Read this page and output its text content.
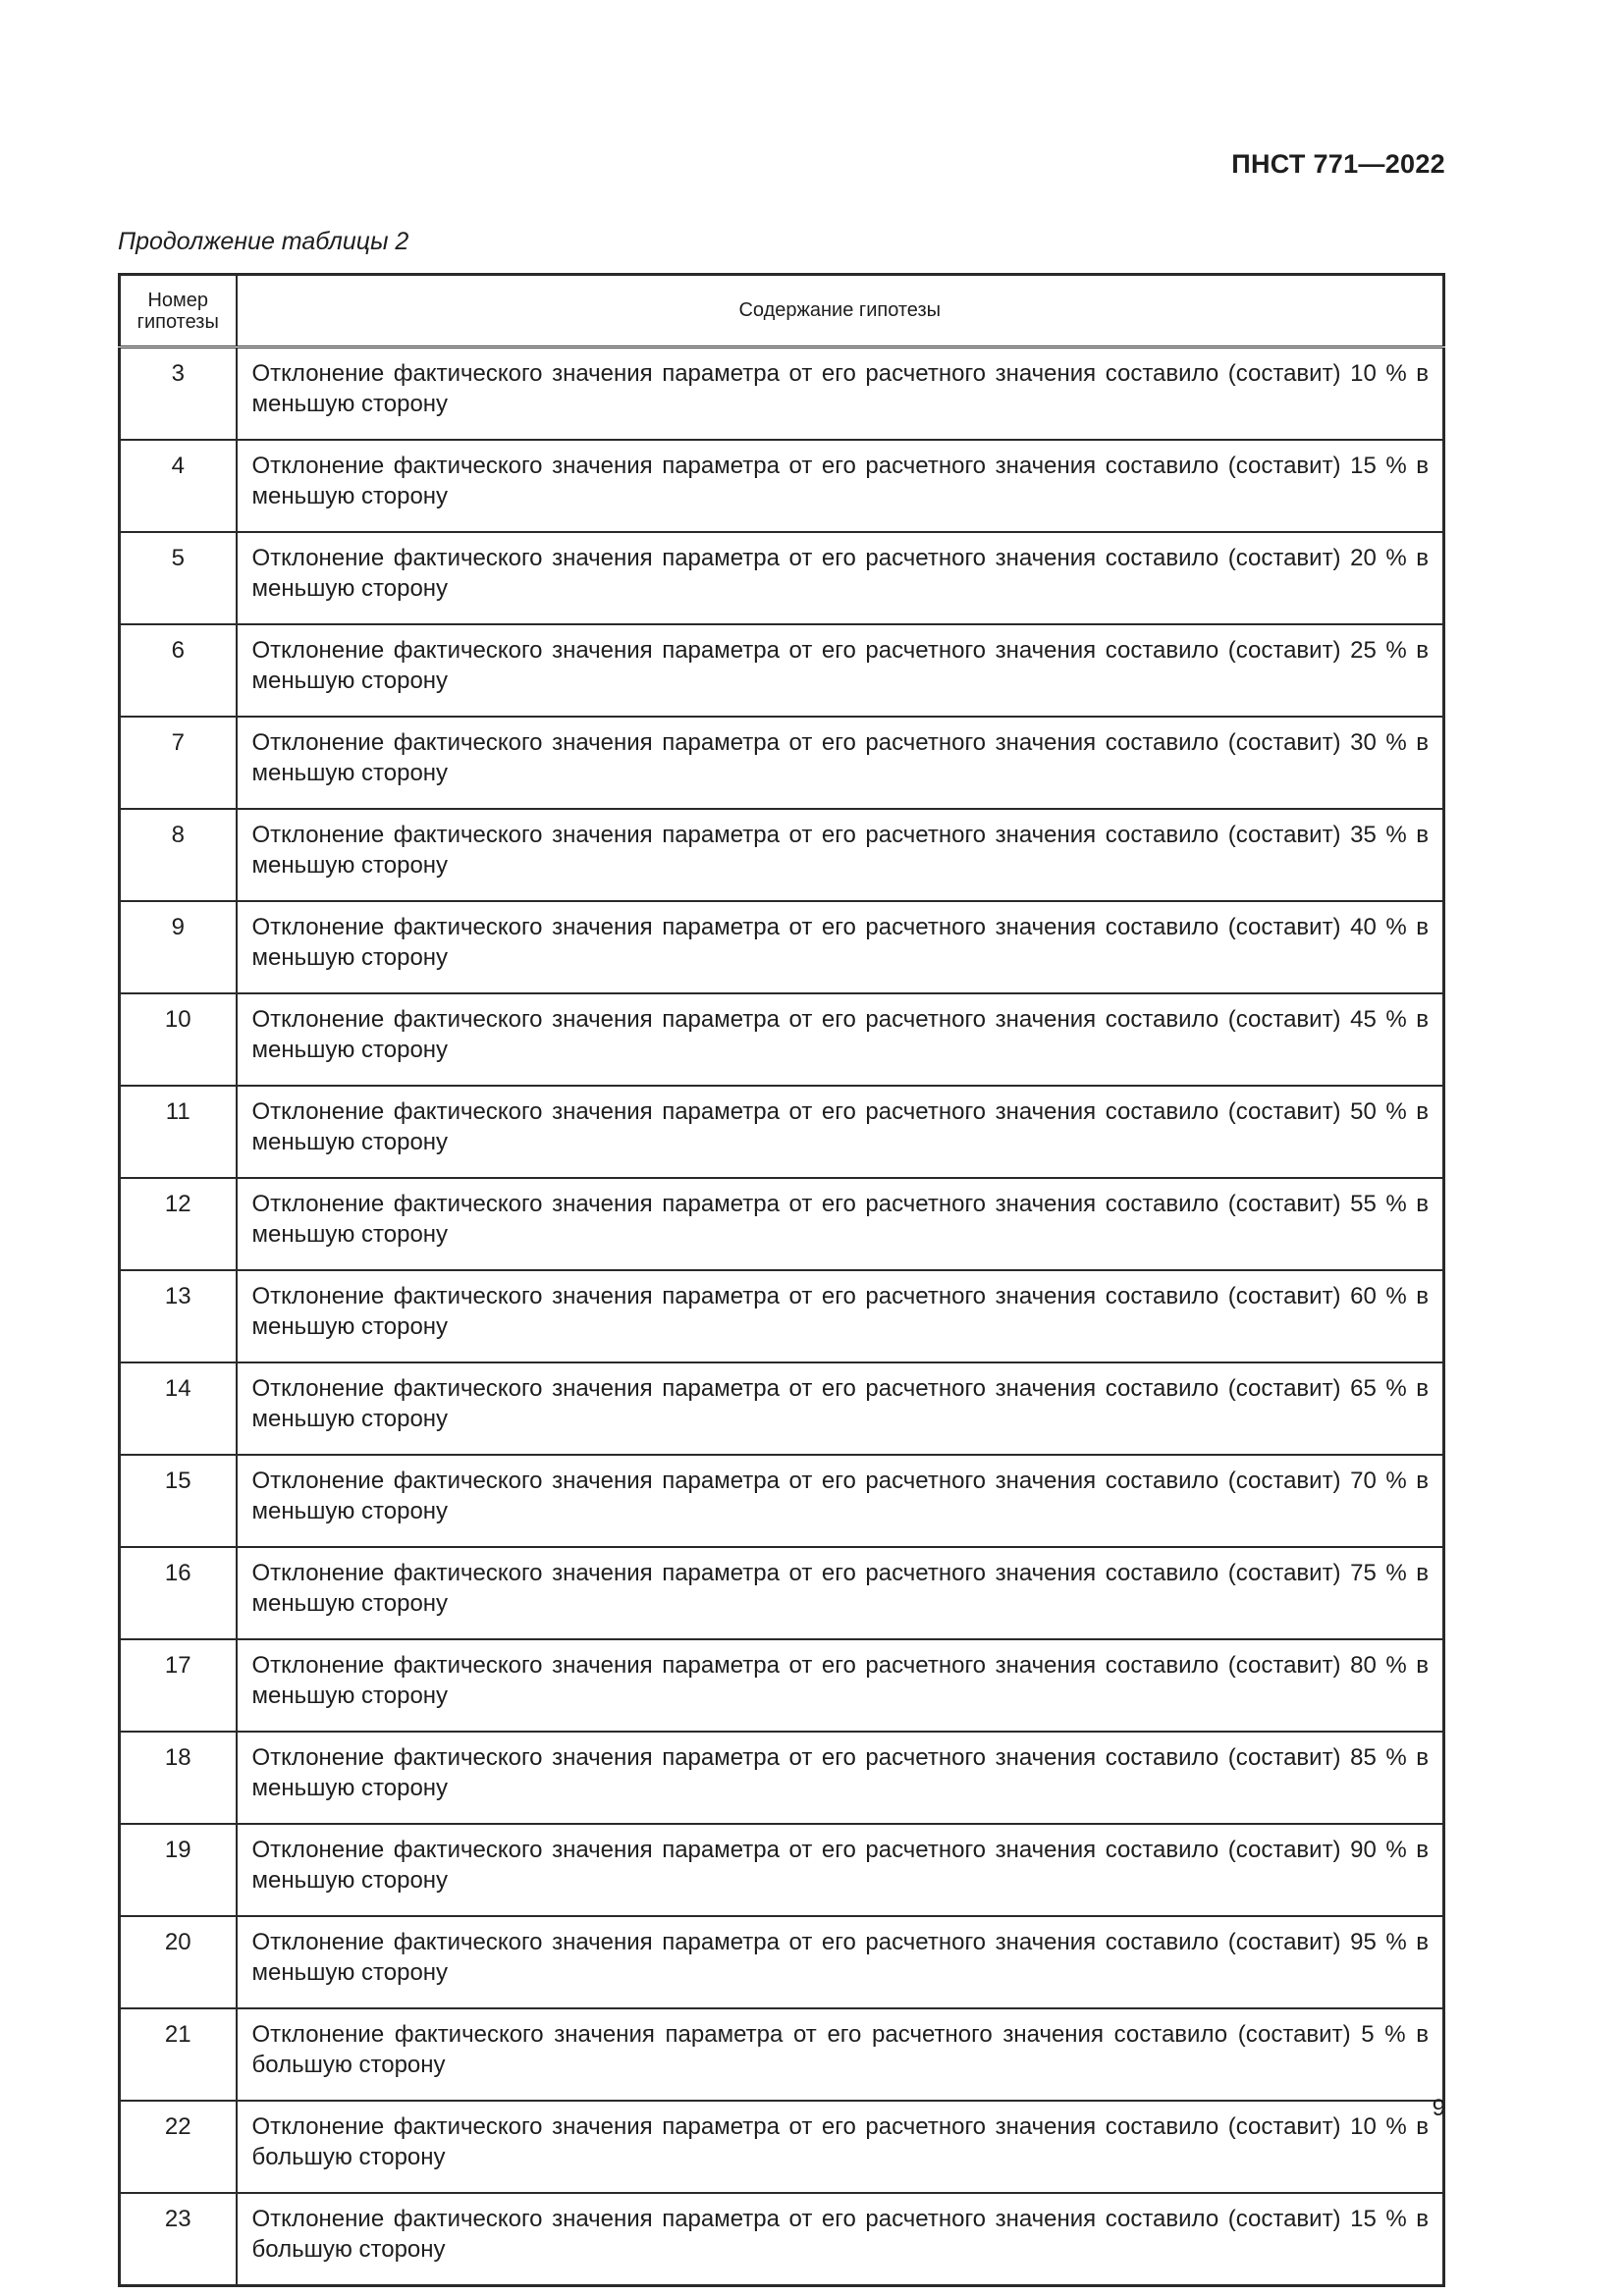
ПНСТ 771—2022
Продолжение таблицы 2
Номер гипотезы	Содержание гипотезы
3	Отклонение фактического значения параметра от его расчетного значения составило (составит) 10 % в меньшую сторону
4	Отклонение фактического значения параметра от его расчетного значения составило (составит) 15 % в меньшую сторону
5	Отклонение фактического значения параметра от его расчетного значения составило (составит) 20 % в меньшую сторону
6	Отклонение фактического значения параметра от его расчетного значения составило (составит) 25 % в меньшую сторону
7	Отклонение фактического значения параметра от его расчетного значения составило (составит) 30 % в меньшую сторону
8	Отклонение фактического значения параметра от его расчетного значения составило (составит) 35 % в меньшую сторону
9	Отклонение фактического значения параметра от его расчетного значения составило (составит) 40 % в меньшую сторону
10	Отклонение фактического значения параметра от его расчетного значения составило (составит) 45 % в меньшую сторону
11	Отклонение фактического значения параметра от его расчетного значения составило (составит) 50 % в меньшую сторону
12	Отклонение фактического значения параметра от его расчетного значения составило (составит) 55 % в меньшую сторону
13	Отклонение фактического значения параметра от его расчетного значения составило (составит) 60 % в меньшую сторону
14	Отклонение фактического значения параметра от его расчетного значения составило (составит) 65 % в меньшую сторону
15	Отклонение фактического значения параметра от его расчетного значения составило (составит) 70 % в меньшую сторону
16	Отклонение фактического значения параметра от его расчетного значения составило (составит) 75 % в меньшую сторону
17	Отклонение фактического значения параметра от его расчетного значения составило (составит) 80 % в меньшую сторону
18	Отклонение фактического значения параметра от его расчетного значения составило (составит) 85 % в меньшую сторону
19	Отклонение фактического значения параметра от его расчетного значения составило (составит) 90 % в меньшую сторону
20	Отклонение фактического значения параметра от его расчетного значения составило (составит) 95 % в меньшую сторону
21	Отклонение фактического значения параметра от его расчетного значения составило (составит) 5 % в большую сторону
22	Отклонение фактического значения параметра от его расчетного значения составило (составит) 10 % в большую сторону
23	Отклонение фактического значения параметра от его расчетного значения составило (составит) 15 % в большую сторону
9
